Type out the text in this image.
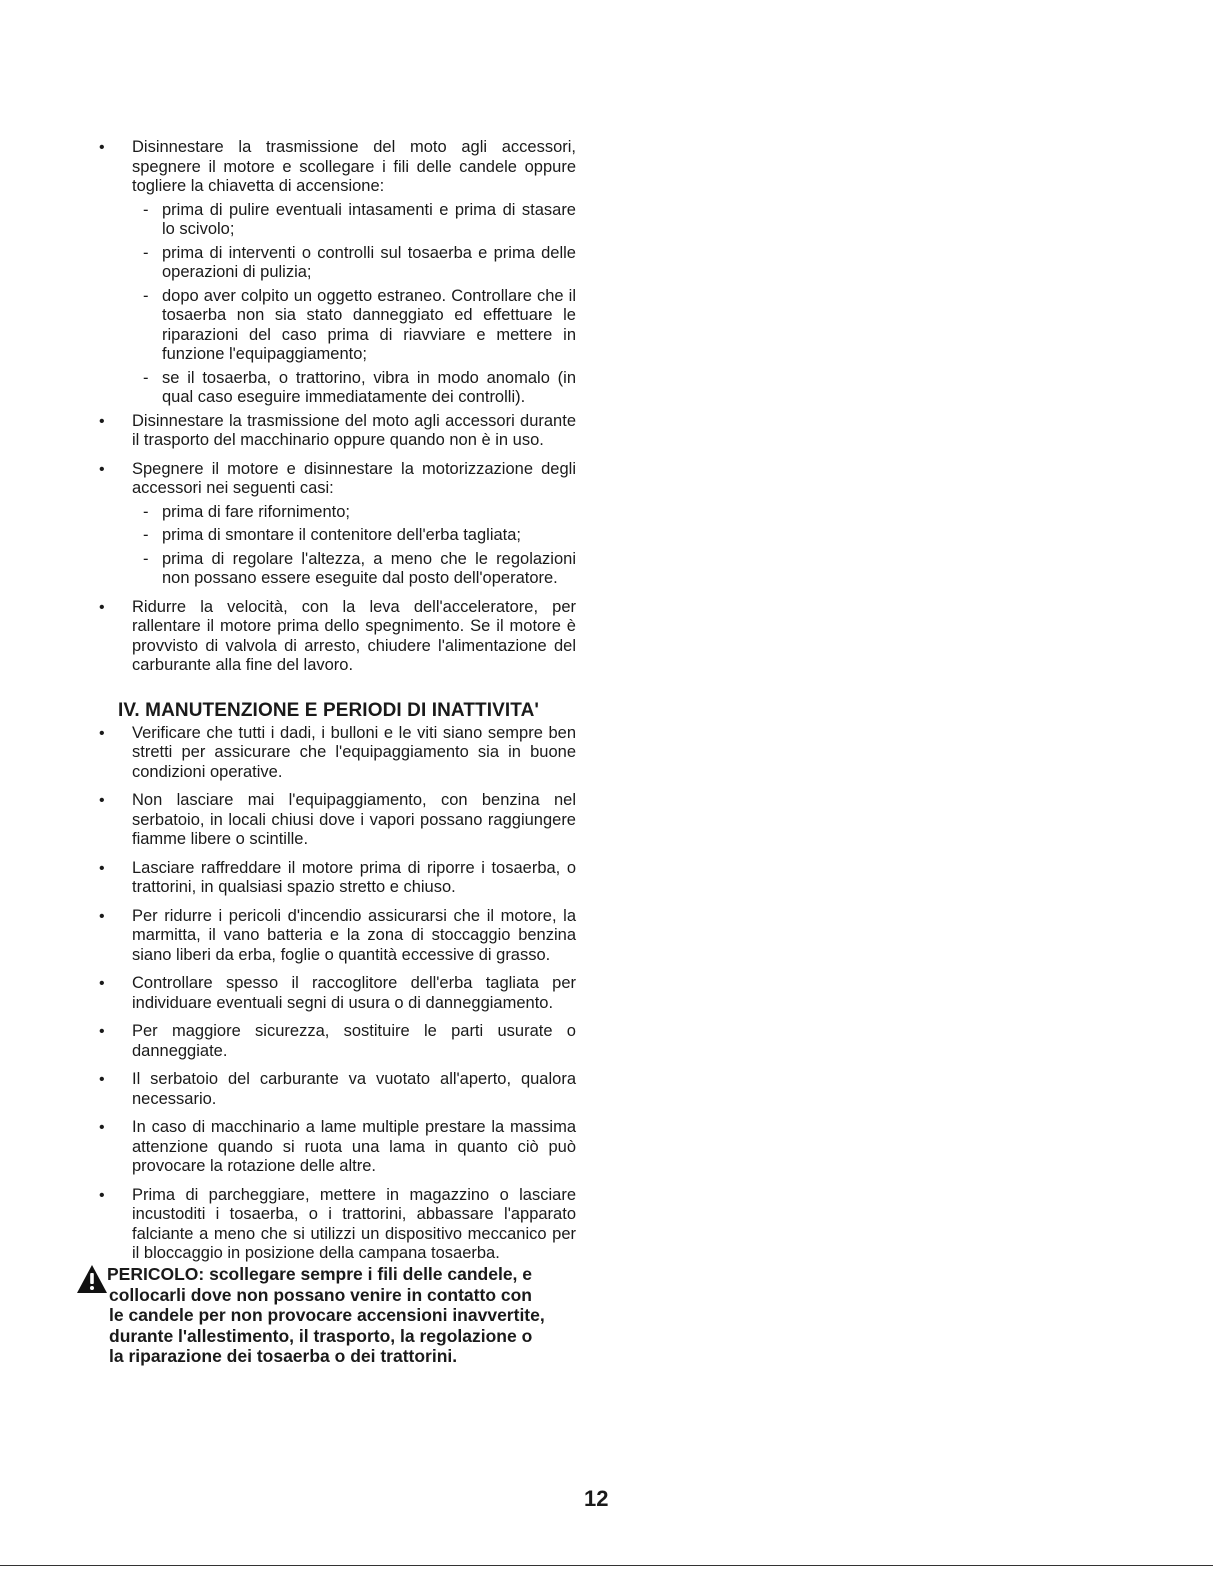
• Disinnestare la trasmissione del moto agli accessori, spegnere il motore e scollegare i fili delle candele oppure togliere la chiavetta di accensione:
- prima di pulire eventuali intasamenti e prima di stasare lo scivolo;
- prima di interventi o controlli sul tosaerba e prima delle operazioni di pulizia;
- dopo aver colpito un oggetto estraneo. Controllare che il tosaerba non sia stato danneggiato ed effettuare le riparazioni del caso prima di riavviare e mettere in funzione l'equipaggiamento;
- se il tosaerba, o trattorino, vibra in modo anomalo (in qual caso eseguire immediatamente dei controlli).
• Disinnestare la trasmissione del moto agli accessori durante il trasporto del macchinario oppure quando non è in uso.
• Spegnere il motore e disinnestare la motorizzazione degli accessori nei seguenti casi:
- prima di fare rifornimento;
- prima di smontare il contenitore dell'erba tagliata;
- prima di regolare l'altezza, a meno che le regolazioni non possano essere eseguite dal posto dell'operatore.
• Ridurre la velocità, con la leva dell'acceleratore, per rallentare il motore prima dello spegnimento. Se il motore è provvisto di valvola di arresto, chiudere l'alimentazione del carburante alla fine del lavoro.
IV. MANUTENZIONE E PERIODI DI INATTIVITA'
• Verificare che tutti i dadi, i bulloni e le viti siano sempre ben stretti per assicurare che l'equipaggiamento sia in buone condizioni operative.
• Non lasciare mai l'equipaggiamento, con benzina nel serbatoio, in locali chiusi dove i vapori possano raggiungere fiamme libere o scintille.
• Lasciare raffreddare il motore prima di riporre i tosaerba, o trattorini, in qualsiasi spazio stretto e chiuso.
• Per ridurre i pericoli d'incendio assicurarsi che il motore, la marmitta, il vano batteria e la zona di stoccaggio benzina siano liberi da erba, foglie o quantità eccessive di grasso.
• Controllare spesso il raccoglitore dell'erba tagliata per individuare eventuali segni di usura o di danneggiamento.
• Per maggiore sicurezza, sostituire le parti usurate o danneggiate.
• Il serbatoio del carburante va vuotato all'aperto, qualora necessario.
• In caso di macchinario a lame multiple prestare la massima attenzione quando si ruota una lama in quanto ciò può provocare la rotazione delle altre.
• Prima di parcheggiare, mettere in magazzino o lasciare incustoditi i tosaerba, o i trattorini, abbassare l'apparato falciante a meno che si utilizzi un dispositivo meccanico per il bloccaggio in posizione della campana tosaerba.
PERICOLO: scollegare sempre i fili delle candele, e
collocarli dove non possano venire in contatto con
le candele per non provocare accensioni inavvertite,
durante l'allestimento, il trasporto, la regolazione o
la riparazione dei tosaerba o dei trattorini.
12
